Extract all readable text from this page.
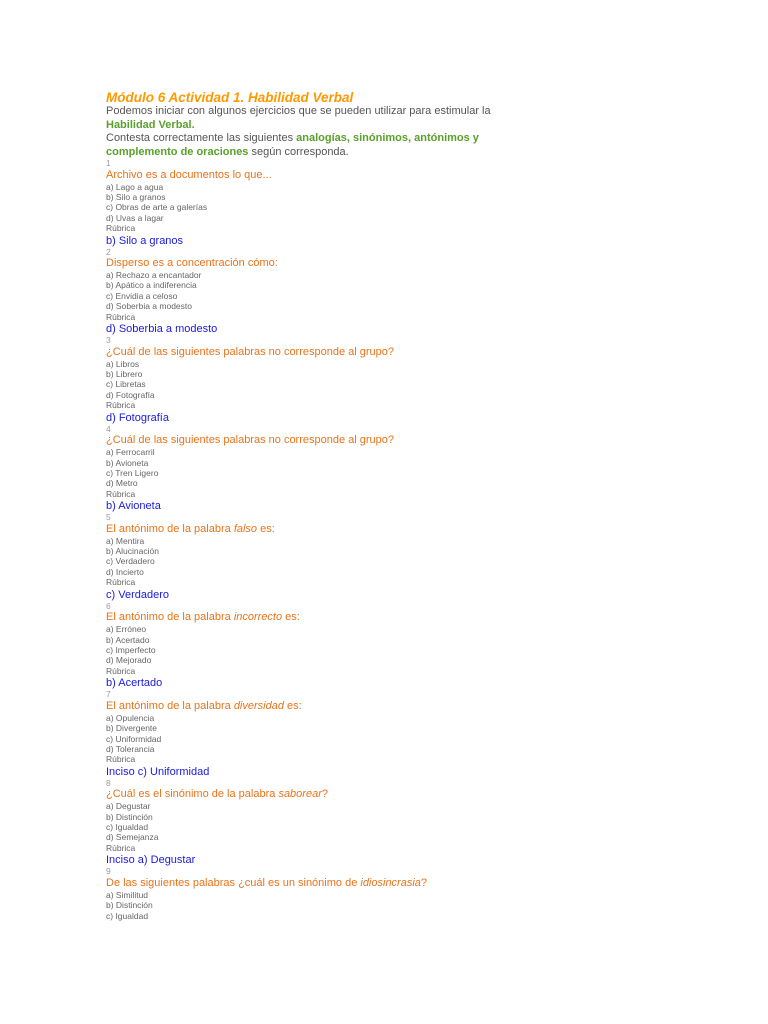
Módulo 6 Actividad 1. Habilidad Verbal
Podemos iniciar con algunos ejercicios que se pueden utilizar para estimular la
Habilidad Verbal.
Contesta correctamente las siguientes analogías, sinónimos, antónimos y
complemento de oraciones según corresponda.
1
Archivo es a documentos lo que...
a) Lago a agua
b) Silo a granos
c) Obras de arte a galerías
d) Uvas a lagar
Rúbrica
b) Silo a granos
2
Disperso es a concentración cómo:
a) Rechazo a encantador
b) Apático a indiferencia
c) Envidia a celoso
d) Soberbia a modesto
Rúbrica
d) Soberbia a modesto
3
¿Cuál de las siguientes palabras no corresponde al grupo?
a) Libros
b) Librero
c) Libretas
d) Fotografía
Rúbrica
d) Fotografía
4
¿Cuál de las siguientes palabras no corresponde al grupo?
a) Ferrocarril
b) Avioneta
c) Tren Ligero
d) Metro
Rúbrica
b) Avioneta
5
El antónimo de la palabra falso es:
a) Mentira
b) Alucinación
c) Verdadero
d) Incierto
Rúbrica
c) Verdadero
6
El antónimo de la palabra incorrecto es:
a) Erróneo
b) Acertado
c) Imperfecto
d) Mejorado
Rúbrica
b) Acertado
7
El antónimo de la palabra diversidad es:
a) Opulencia
b) Divergente
c) Uniformidad
d) Tolerancia
Rúbrica
Inciso c) Uniformidad
8
¿Cuál es el sinónimo de la palabra saborear?
a) Degustar
b) Distinción
c) Igualdad
d) Semejanza
Rúbrica
Inciso a) Degustar
9
De las siguientes palabras ¿cuál es un sinónimo de idiosincrasia?
a) Similitud
b) Distinción
c) Igualdad
